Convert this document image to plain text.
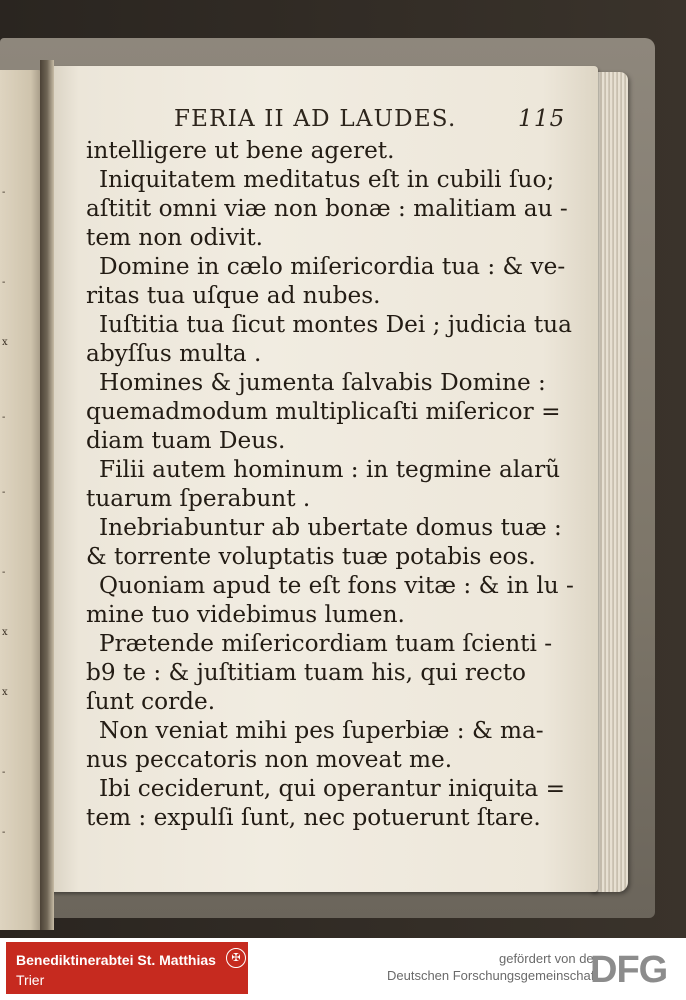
-
-
x
-
-
-
x
x
-
-
FERIA II AD LAUDES.	115
intelligere ut bene ageret.
Iniquitatem meditatus eſt in cubili ſuo;
aſtitit omni viæ non bonæ : malitiam au -
tem non odivit.
Domine in cælo miſericordia tua : & ve-
ritas tua uſque ad nubes.
Iuſtitia tua ſicut montes Dei ; judicia tua
abyſſus multa .
Homines & jumenta ſalvabis Domine :
quemadmodum multiplicaſti miſericor =
diam tuam Deus.
Filii autem hominum : in tegmine alarũ
tuarum ſperabunt .
Inebriabuntur ab ubertate domus tuæ :
& torrente voluptatis tuæ potabis eos.
Quoniam apud te eſt fons vitæ : & in lu -
mine tuo videbimus lumen.
Prætende miſericordiam tuam ſcienti -
b9 te : & juſtitiam tuam his, qui recto
ſunt corde.
Non veniat mihi pes ſuperbiæ : & ma-
nus peccatoris non moveat me.
Ibi ceciderunt, qui operantur iniquita =
tem : expulſi ſunt, nec potuerunt ſtare.
Benediktinerabtei St. Matthias
Trier
✠	gefördert von der
Deutschen Forschungsgemeinschaft
DFG
